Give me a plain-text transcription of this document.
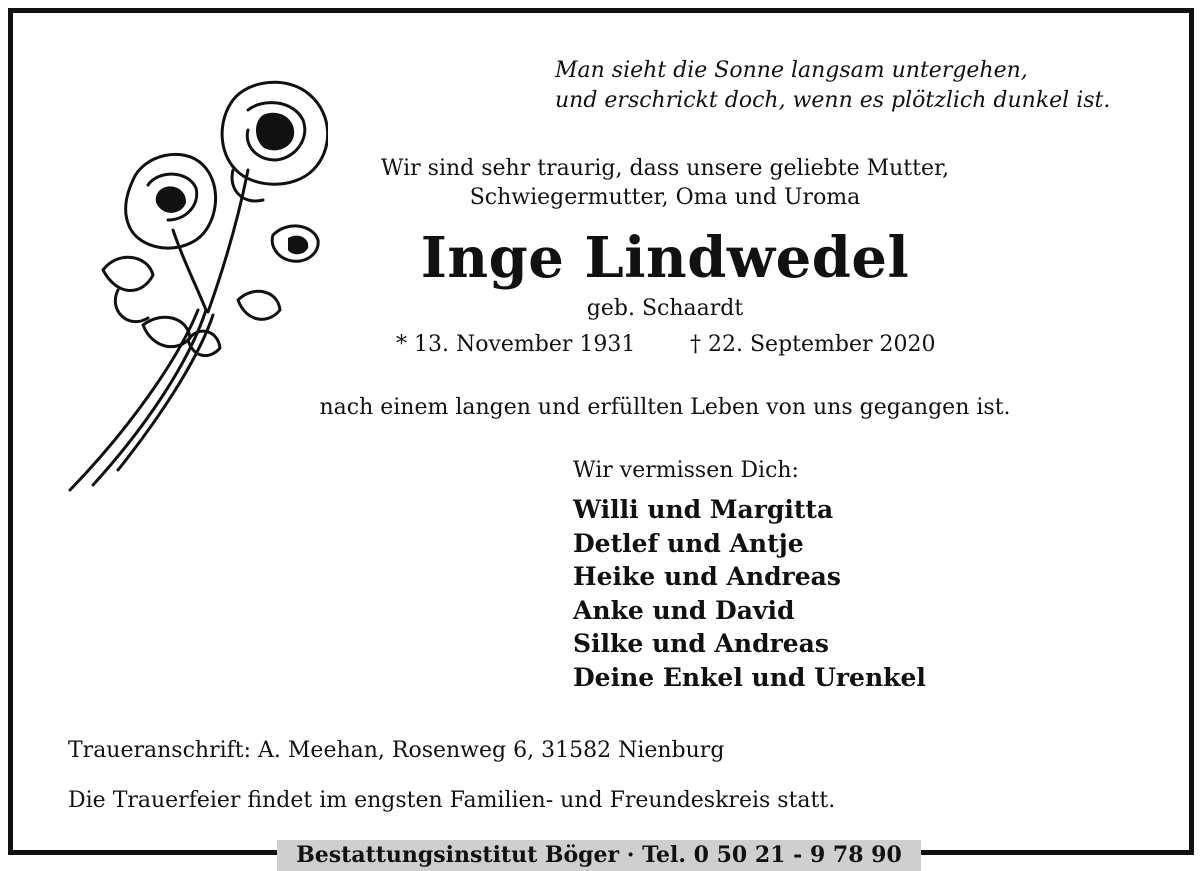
Man sieht die Sonne langsam untergehen,
und erschrickt doch, wenn es plötzlich dunkel ist.
Wir sind sehr traurig, dass unsere geliebte Mutter,
Schwiegermutter, Oma und Uroma
Inge Lindwedel
geb. Schaardt
* 13. November 1931 † 22. September 2020
nach einem langen und erfüllten Leben von uns gegangen ist.
Wir vermissen Dich:
Willi und Margitta
Detlef und Antje
Heike und Andreas
Anke und David
Silke und Andreas
Deine Enkel und Urenkel
Traueranschrift: A. Meehan, Rosenweg 6, 31582 Nienburg
Die Trauerfeier findet im engsten Familien- und Freundeskreis statt.
Bestattungsinstitut Böger · Tel. 0 50 21 - 9 78 90
